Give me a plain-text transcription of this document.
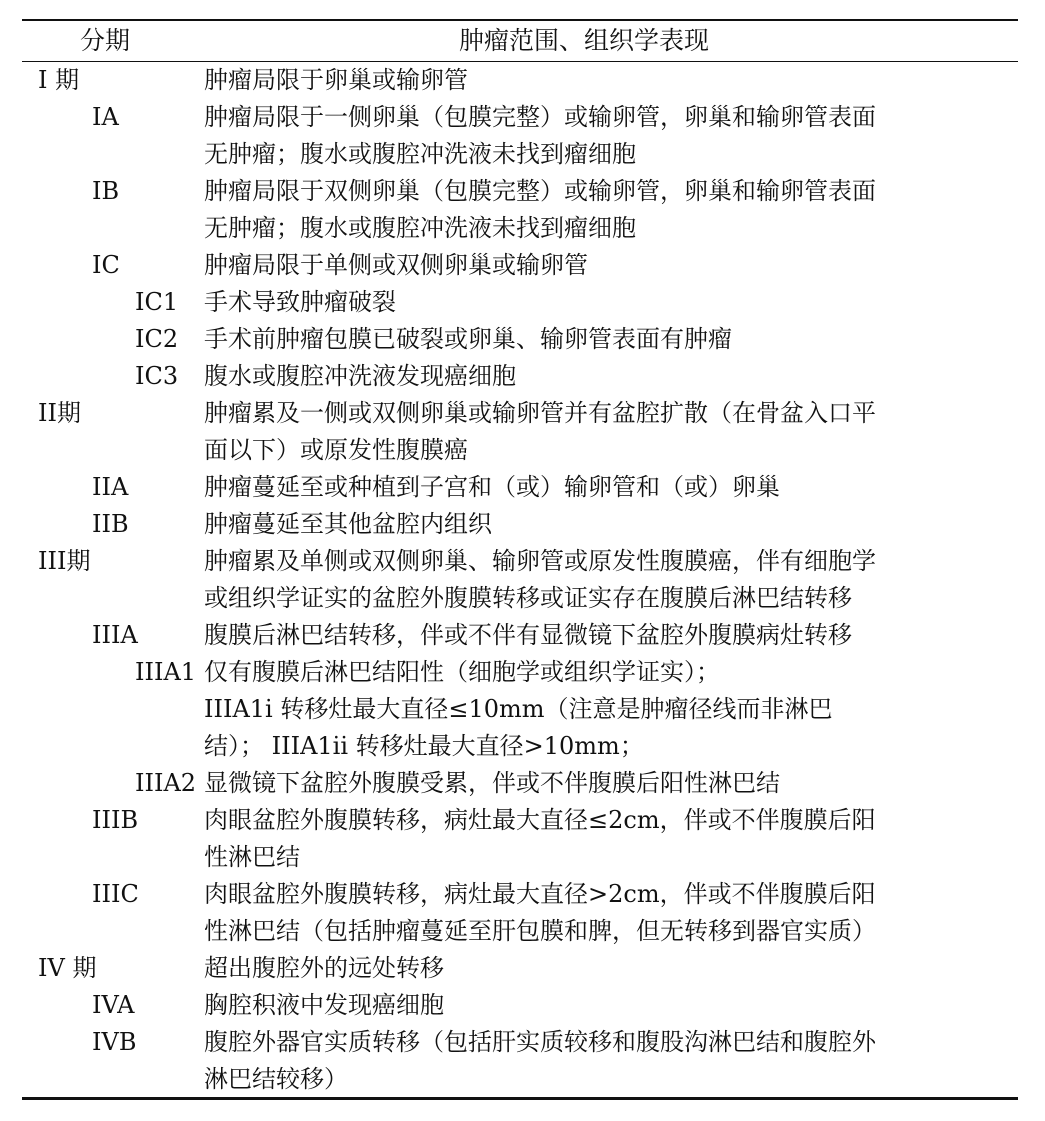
分期	肿瘤范围、组织学表现
I 期	肿瘤局限于卵巢或输卵管
IA	肿瘤局限于一侧卵巢（包膜完整）或输卵管，卵巢和输卵管表面
无肿瘤；腹水或腹腔冲洗液未找到瘤细胞
IB	肿瘤局限于双侧卵巢（包膜完整）或输卵管，卵巢和输卵管表面
无肿瘤；腹水或腹腔冲洗液未找到瘤细胞
IC	肿瘤局限于单侧或双侧卵巢或输卵管
IC1 手术导致肿瘤破裂
IC2 手术前肿瘤包膜已破裂或卵巢、输卵管表面有肿瘤
IC3 腹水或腹腔冲洗液发现癌细胞
II期	肿瘤累及一侧或双侧卵巢或输卵管并有盆腔扩散（在骨盆入口平
面以下）或原发性腹膜癌
IIA	肿瘤蔓延至或种植到子宫和（或）输卵管和（或）卵巢
IIB	肿瘤蔓延至其他盆腔内组织
III期	肿瘤累及单侧或双侧卵巢、输卵管或原发性腹膜癌，伴有细胞学
或组织学证实的盆腔外腹膜转移或证实存在腹膜后淋巴结转移
IIIA	腹膜后淋巴结转移，伴或不伴有显微镜下盆腔外腹膜病灶转移
IIIA1 仅有腹膜后淋巴结阳性（细胞学或组织学证实）；
IIIA1i 转移灶最大直径≤10mm（注意是肿瘤径线而非淋巴
结）； IIIA1ii 转移灶最大直径>10mm；
IIIA2 显微镜下盆腔外腹膜受累，伴或不伴腹膜后阳性淋巴结
IIIB	肉眼盆腔外腹膜转移，病灶最大直径≤2cm，伴或不伴腹膜后阳
性淋巴结
IIIC	肉眼盆腔外腹膜转移，病灶最大直径>2cm，伴或不伴腹膜后阳
性淋巴结（包括肿瘤蔓延至肝包膜和脾，但无转移到器官实质）
IV 期	超出腹腔外的远处转移
IVA	胸腔积液中发现癌细胞
IVB	腹腔外器官实质转移（包括肝实质较移和腹股沟淋巴结和腹腔外
淋巴结较移）
